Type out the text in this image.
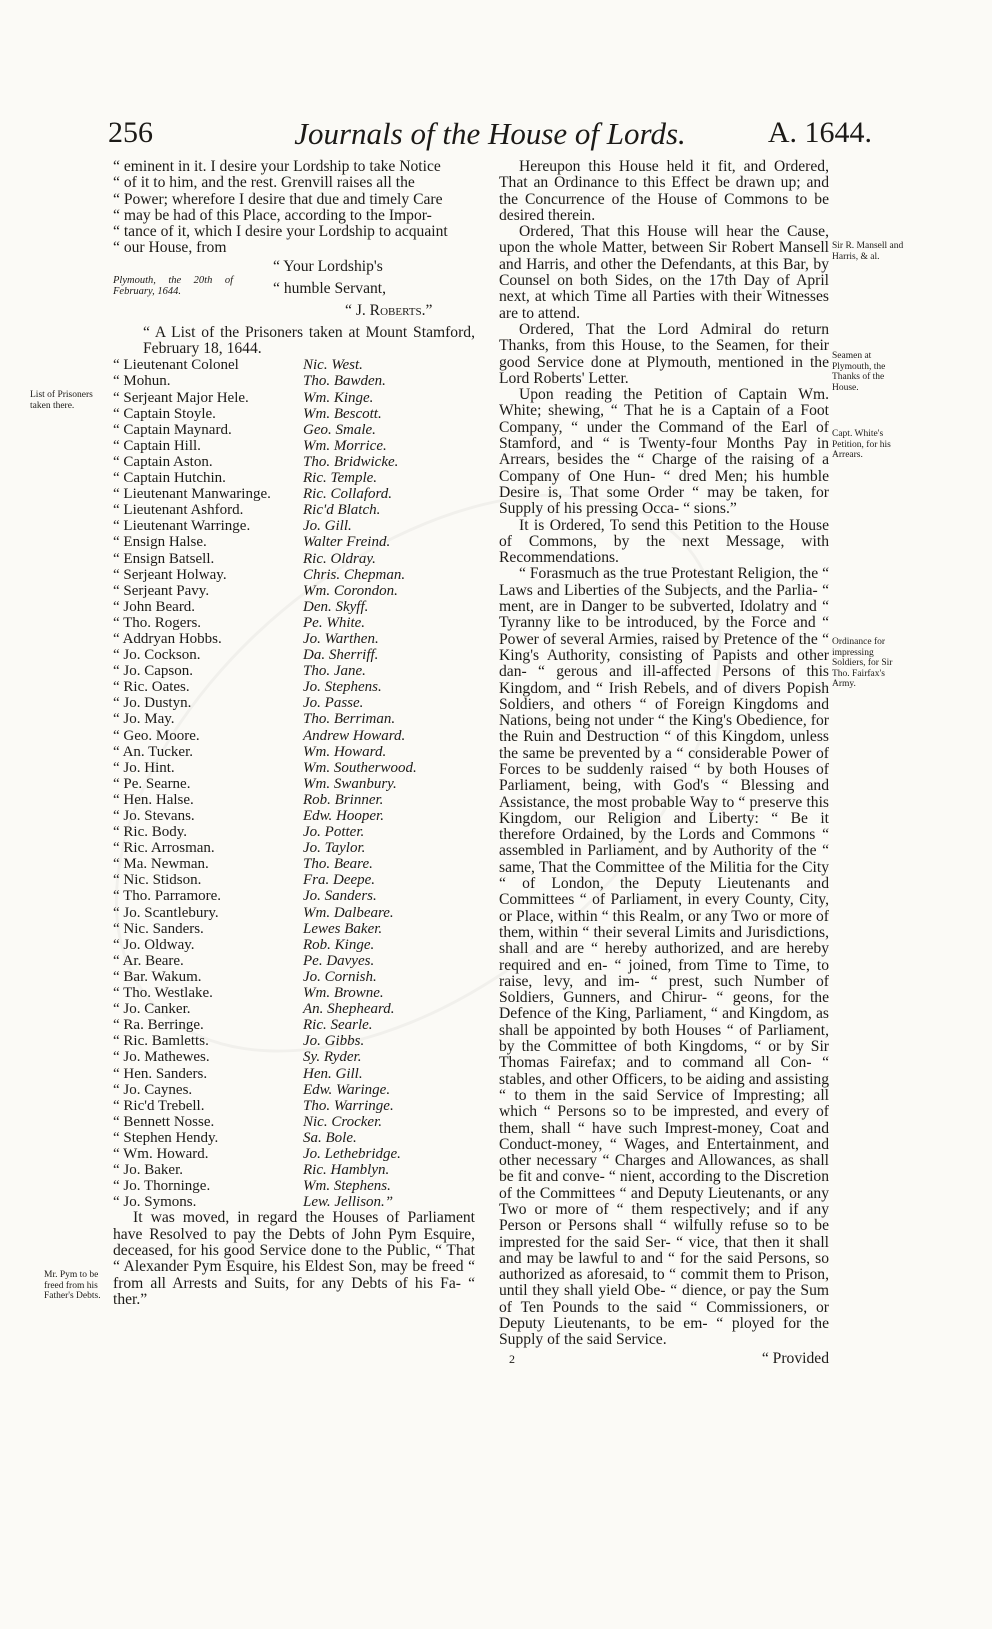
256	Journals of the House of Lords.	A. 1644.
List of Prisoners taken there.
Mr. Pym to be freed from his Father's Debts.
Sir R. Mansell and Harris, & al.
Seamen at Plymouth, the Thanks of the House.
Capt. White's Petition, for his Arrears.
Ordinance for impressing Soldiers, for Sir Tho. Fairfax's Army.

“ eminent in it. I desire your Lordship to take Notice

“ of it to him, and the rest. Grenvill raises all the

“ Power; wherefore I desire that due and timely Care

“ may be had of this Place, according to the Impor-

“ tance of it, which I desire your Lordship to acquaint

“ our House, from

“ Your Lordship's
Plymouth, the 20th of February, 1644.	“ humble Servant,
“ J. Roberts.”

“ A List of the Prisoners taken at Mount Stamford, February 18, 1644.

“ Lieutenant Colonel	Nic. West.
“ Mohun.	Tho. Bawden.
“ Serjeant Major Hele.	Wm. Kinge.
“ Captain Stoyle.	Wm. Bescott.
“ Captain Maynard.	Geo. Smale.
“ Captain Hill.	Wm. Morrice.
“ Captain Aston.	Tho. Bridwicke.
“ Captain Hutchin.	Ric. Temple.
“ Lieutenant Manwaringe.	Ric. Collaford.
“ Lieutenant Ashford.	Ric'd Blatch.
“ Lieutenant Warringe.	Jo. Gill.
“ Ensign Halse.	Walter Freind.
“ Ensign Batsell.	Ric. Oldray.
“ Serjeant Holway.	Chris. Chepman.
“ Serjeant Pavy.	Wm. Corondon.
“ John Beard.	Den. Skyff.
“ Tho. Rogers.	Pe. White.
“ Addryan Hobbs.	Jo. Warthen.
“ Jo. Cockson.	Da. Sherriff.
“ Jo. Capson.	Tho. Jane.
“ Ric. Oates.	Jo. Stephens.
“ Jo. Dustyn.	Jo. Passe.
“ Jo. May.	Tho. Berriman.
“ Geo. Moore.	Andrew Howard.
“ An. Tucker.	Wm. Howard.
“ Jo. Hint.	Wm. Southerwood.
“ Pe. Searne.	Wm. Swanbury.
“ Hen. Halse.	Rob. Brinner.
“ Jo. Stevans.	Edw. Hooper.
“ Ric. Body.	Jo. Potter.
“ Ric. Arrosman.	Jo. Taylor.
“ Ma. Newman.	Tho. Beare.
“ Nic. Stidson.	Fra. Deepe.
“ Tho. Parramore.	Jo. Sanders.
“ Jo. Scantlebury.	Wm. Dalbeare.
“ Nic. Sanders.	Lewes Baker.
“ Jo. Oldway.	Rob. Kinge.
“ Ar. Beare.	Pe. Davyes.
“ Bar. Wakum.	Jo. Cornish.
“ Tho. Westlake.	Wm. Browne.
“ Jo. Canker.	An. Shepheard.
“ Ra. Berringe.	Ric. Searle.
“ Ric. Bamletts.	Jo. Gibbs.
“ Jo. Mathewes.	Sy. Ryder.
“ Hen. Sanders.	Hen. Gill.
“ Jo. Caynes.	Edw. Waringe.
“ Ric'd Trebell.	Tho. Warringe.
“ Bennett Nosse.	Nic. Crocker.
“ Stephen Hendy.	Sa. Bole.
“ Wm. Howard.	Jo. Lethebridge.
“ Jo. Baker.	Ric. Hamblyn.
“ Jo. Thorninge.	Wm. Stephens.
“ Jo. Symons.	Lew. Jellison.”

It was moved, in regard the Houses of Parliament have Resolved to pay the Debts of John Pym Esquire, deceased, for his good Service done to the Public, “ That “ Alexander Pym Esquire, his Eldest Son, may be freed “ from all Arrests and Suits, for any Debts of his Fa- “ ther.”

Hereupon this House held it fit, and Ordered, That an Ordinance to this Effect be drawn up; and the Concurrence of the House of Commons to be desired therein.

Ordered, That this House will hear the Cause, upon the whole Matter, between Sir Robert Mansell and Harris, and other the Defendants, at this Bar, by Counsel on both Sides, on the 17th Day of April next, at which Time all Parties with their Witnesses are to attend.

Ordered, That the Lord Admiral do return Thanks, from this House, to the Seamen, for their good Service done at Plymouth, mentioned in the Lord Roberts' Letter.

Upon reading the Petition of Captain Wm. White; shewing, “ That he is a Captain of a Foot Company, “ under the Command of the Earl of Stamford, and “ is Twenty-four Months Pay in Arrears, besides the “ Charge of the raising of a Company of One Hun- “ dred Men; his humble Desire is, That some Order “ may be taken, for Supply of his pressing Occa- “ sions.”

It is Ordered, To send this Petition to the House of Commons, by the next Message, with Recommendations.

“ Forasmuch as the true Protestant Religion, the “ Laws and Liberties of the Subjects, and the Parlia- “ ment, are in Danger to be subverted, Idolatry and “ Tyranny like to be introduced, by the Force and “ Power of several Armies, raised by Pretence of the “ King's Authority, consisting of Papists and other dan- “ gerous and ill-affected Persons of this Kingdom, and “ Irish Rebels, and of divers Popish Soldiers, and others “ of Foreign Kingdoms and Nations, being not under “ the King's Obedience, for the Ruin and Destruction “ of this Kingdom, unless the same be prevented by a “ considerable Power of Forces to be suddenly raised “ by both Houses of Parliament, being, with God's “ Blessing and Assistance, the most probable Way to “ preserve this Kingdom, our Religion and Liberty: “ Be it therefore Ordained, by the Lords and Commons “ assembled in Parliament, and by Authority of the “ same, That the Committee of the Militia for the City “ of London, the Deputy Lieutenants and Committees “ of Parliament, in every County, City, or Place, within “ this Realm, or any Two or more of them, within “ their several Limits and Jurisdictions, shall and are “ hereby authorized, and are hereby required and en- “ joined, from Time to Time, to raise, levy, and im- “ prest, such Number of Soldiers, Gunners, and Chirur- “ geons, for the Defence of the King, Parliament, “ and Kingdom, as shall be appointed by both Houses “ of Parliament, by the Committee of both Kingdoms, “ or by Sir Thomas Fairefax; and to command all Con- “ stables, and other Officers, to be aiding and assisting “ to them in the said Service of Impresting; all which “ Persons so to be imprested, and every of them, shall “ have such Imprest-money, Coat and Conduct-money, “ Wages, and Entertainment, and other necessary “ Charges and Allowances, as shall be fit and conve- “ nient, according to the Discretion of the Committees “ and Deputy Lieutenants, or any Two or more of “ them respectively; and if any Person or Persons shall “ wilfully refuse so to be imprested for the said Ser- “ vice, that then it shall and may be lawful to and “ for the said Persons, so authorized as aforesaid, to “ commit them to Prison, until they shall yield Obe- “ dience, or pay the Sum of Ten Pounds to the said “ Commissioners, or Deputy Lieutenants, to be em- “ ployed for the Supply of the said Service.

2	“ Provided
